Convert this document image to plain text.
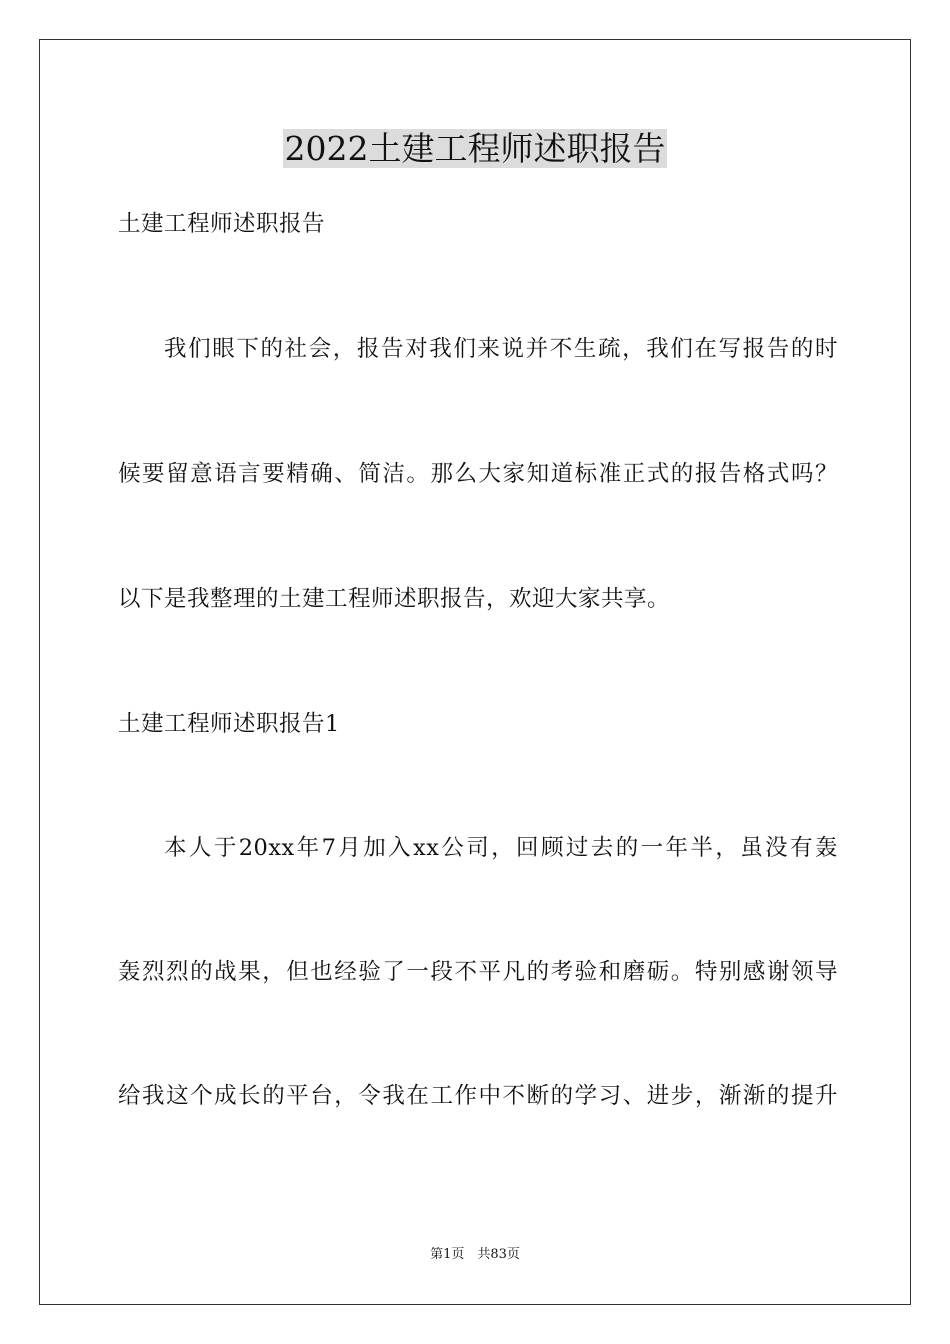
2022土建工程师述职报告
土建工程师述职报告
我们眼下的社会，报告对我们来说并不生疏，我们在写报告的时
候要留意语言要精确、简洁。那么大家知道标准正式的报告格式吗？
以下是我整理的土建工程师述职报告，欢迎大家共享。
土建工程师述职报告1
本人于20xx年7月加入xx公司，回顾过去的一年半，虽没有轰
轰烈烈的战果，但也经验了一段不平凡的考验和磨砺。特别感谢领导
给我这个成长的平台，令我在工作中不断的学习、进步，渐渐的提升
第1页　共83页
